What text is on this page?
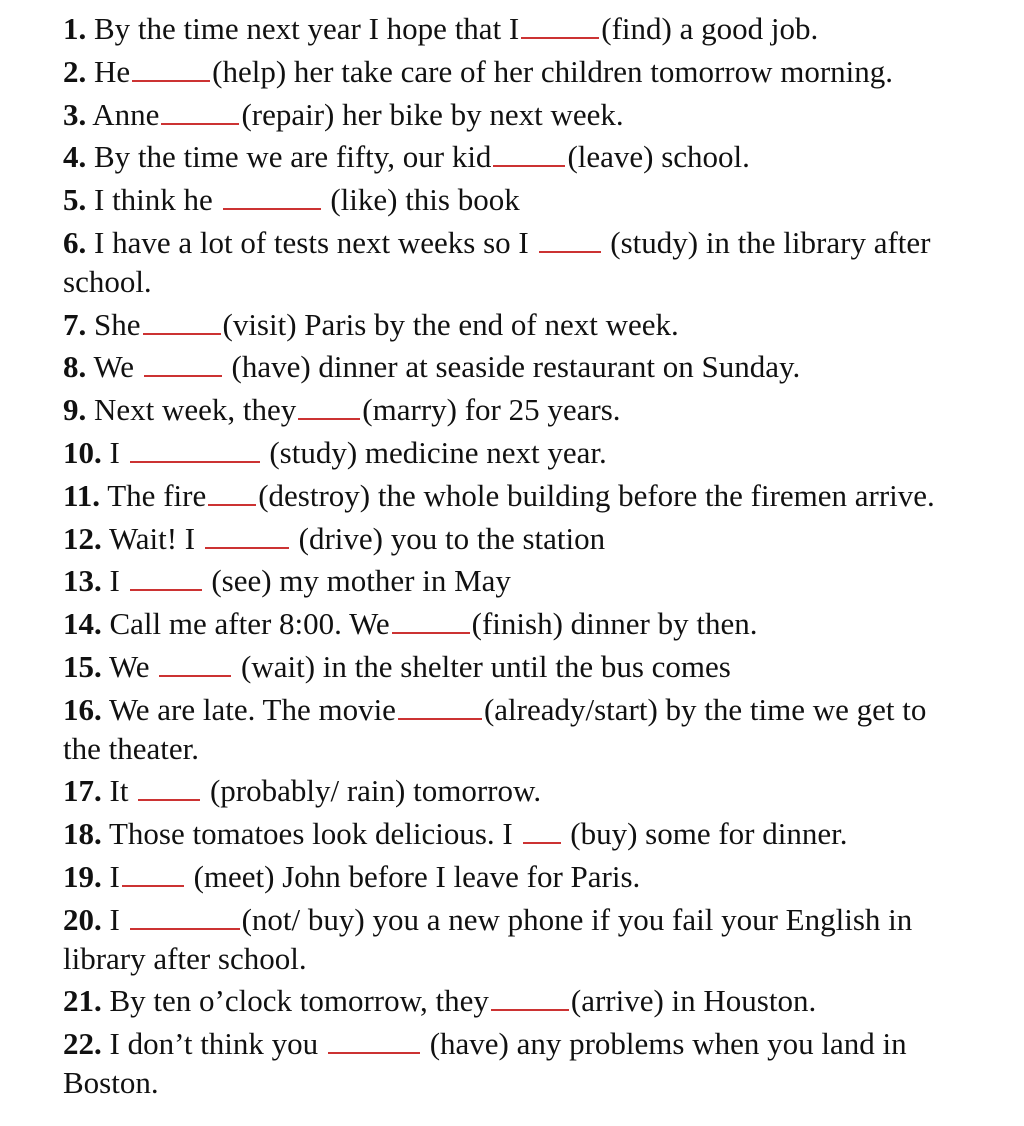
1. By the time next year I hope that I	(find) a good job.

2. He	(help) her take care of her children tomorrow morning.

3. Anne	(repair) her bike by next week.

4. By the time we are fifty, our kid (leave) school.

5. I think he	(like) this book

6. I have a lot of tests next weeks so I  (study) in the library after school.

7. She	(visit) Paris by the end of next week.

8. We	(have) dinner at seaside restaurant on Sunday.

9. Next week, they (marry) for 25 years.

10. I	(study) medicine next year.

11. The fire (destroy) the whole building before the firemen arrive.

12. Wait! I	(drive) you to the station

13. I  (see) my mother in May

14. Call me after 8:00. We	(finish) dinner by then.

15. We  (wait) in the shelter until the bus comes

16. We are late. The movie	(already/start) by the time we get to the theater.

17. It  (probably/ rain) tomorrow.

18. Those tomatoes look delicious. I  (buy) some for dinner.

19. I (meet) John before I leave for Paris.

20. I	(not/ buy) you a new phone if you fail your English in library after school.

21. By ten o’clock tomorrow, they	(arrive) in Houston.

22. I don’t think you	(have) any problems when you land in Boston.
